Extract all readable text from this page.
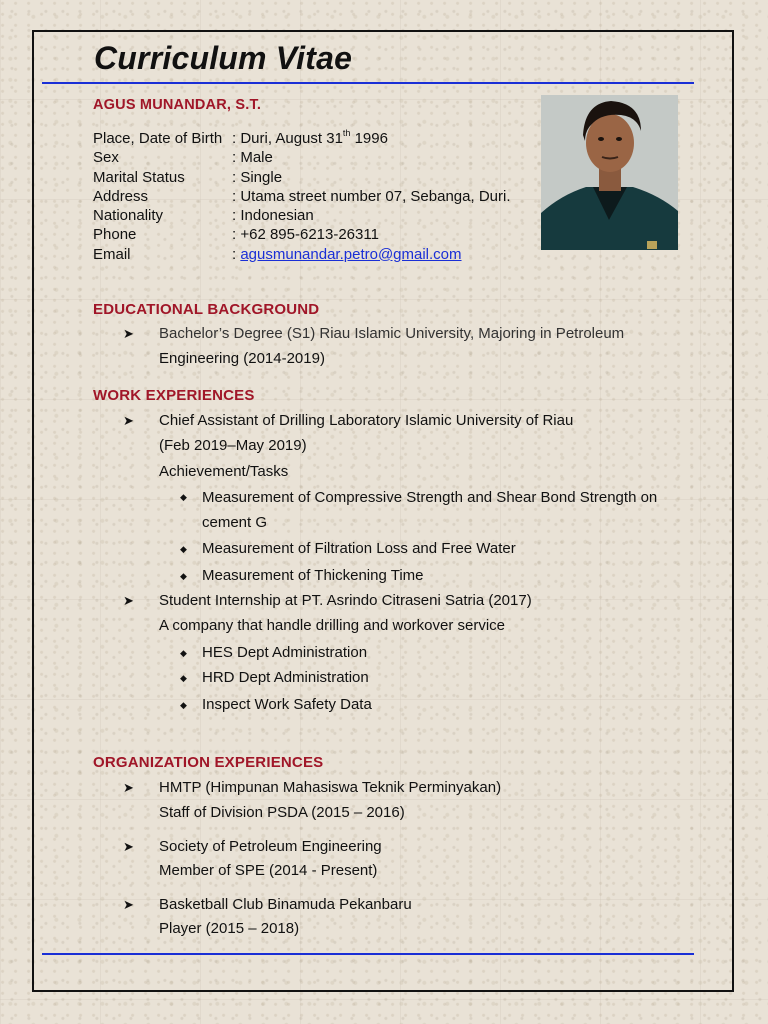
Curriculum Vitae
AGUS MUNANDAR, S.T.
Place, Date of Birth : Duri, August 31th 1996
Sex	: Male
Marital Status	: Single
Address	: Utama street number 07, Sebanga, Duri.
Nationality	: Indonesian
Phone	: +62 895-6213-26311
Email	: agusmunandar.petro@gmail.com
EDUCATIONAL BACKGROUND
➤ Bachelor’s Degree (S1) Riau Islamic University, Majoring in Petroleum
Engineering (2014-2019)
WORK EXPERIENCES
➤ Chief Assistant of Drilling Laboratory Islamic University of Riau
(Feb 2019–May 2019)
Achievement/Tasks
◆ Measurement of Compressive Strength and Shear Bond Strength on
cement G
◆ Measurement of Filtration Loss and Free Water
◆ Measurement of Thickening Time
➤ Student Internship at PT. Asrindo Citraseni Satria (2017)
A company that handle drilling and workover service
◆ HES Dept Administration
◆ HRD Dept Administration
◆ Inspect Work Safety Data
ORGANIZATION EXPERIENCES
➤ HMTP (Himpunan Mahasiswa Teknik Perminyakan)
Staff of Division PSDA (2015 – 2016)
➤ Society of Petroleum Engineering
Member of SPE (2014 - Present)
➤ Basketball Club Binamuda Pekanbaru
Player (2015 – 2018)
